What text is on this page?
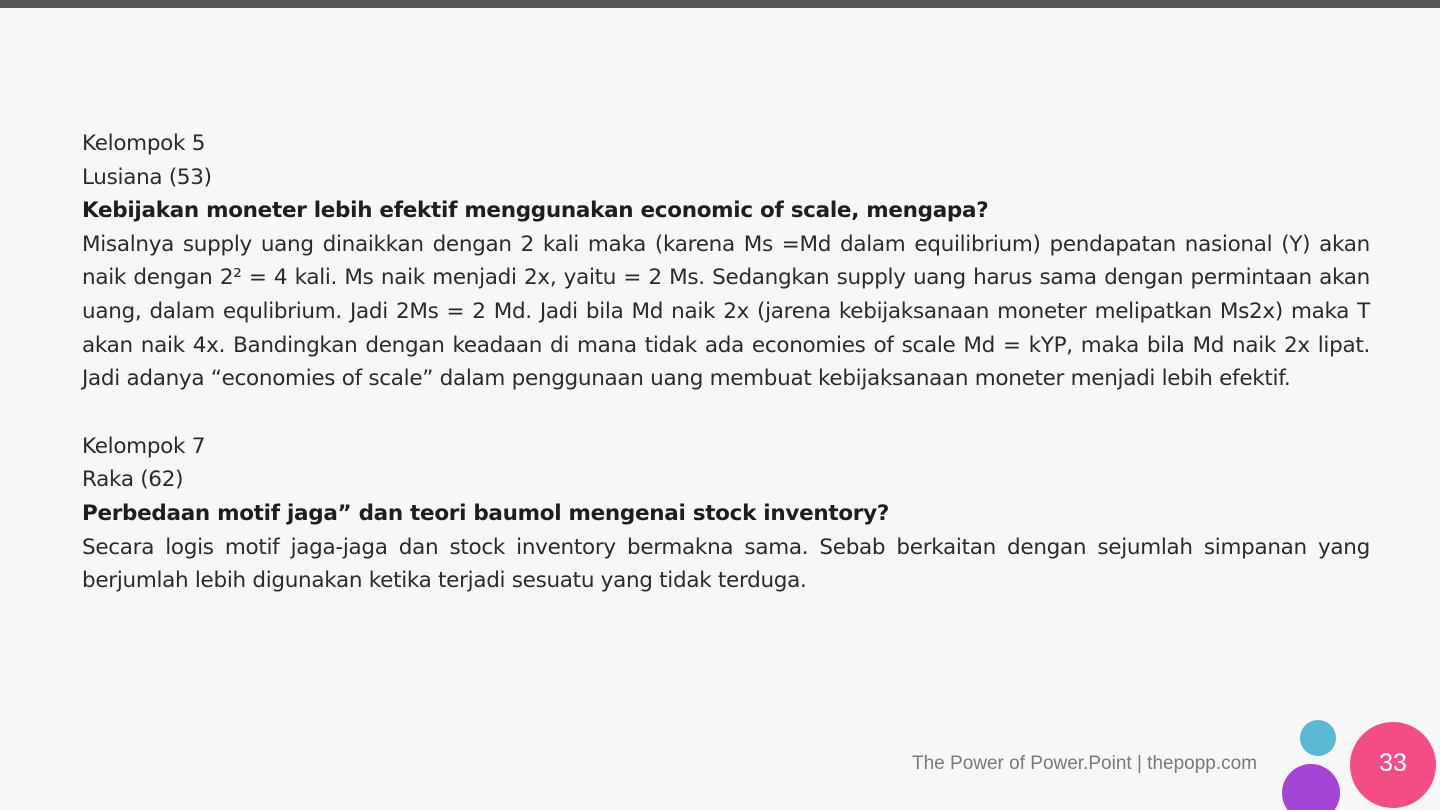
Kelompok 5
Lusiana (53)
Kebijakan moneter lebih efektif menggunakan economic of scale, mengapa?
Misalnya supply uang dinaikkan dengan 2 kali maka (karena Ms =Md dalam equilibrium) pendapatan nasional (Y) akan naik dengan 2² = 4 kali. Ms naik menjadi 2x, yaitu = 2 Ms. Sedangkan supply uang harus sama dengan permintaan akan uang, dalam equlibrium. Jadi 2Ms = 2 Md. Jadi bila Md naik 2x (jarena kebijaksanaan moneter melipatkan Ms2x) maka T akan naik 4x. Bandingkan dengan keadaan di mana tidak ada economies of scale Md = kYP, maka bila Md naik 2x lipat. Jadi adanya “economies of scale” dalam penggunaan uang membuat kebijaksanaan moneter menjadi lebih efektif.
Kelompok 7
Raka (62)
Perbedaan motif jaga” dan teori baumol mengenai stock inventory?
Secara logis motif jaga-jaga dan stock inventory bermakna sama. Sebab berkaitan dengan sejumlah simpanan yang berjumlah lebih digunakan ketika terjadi sesuatu yang tidak terduga.
The Power of Power.Point | thepopp.com	33
